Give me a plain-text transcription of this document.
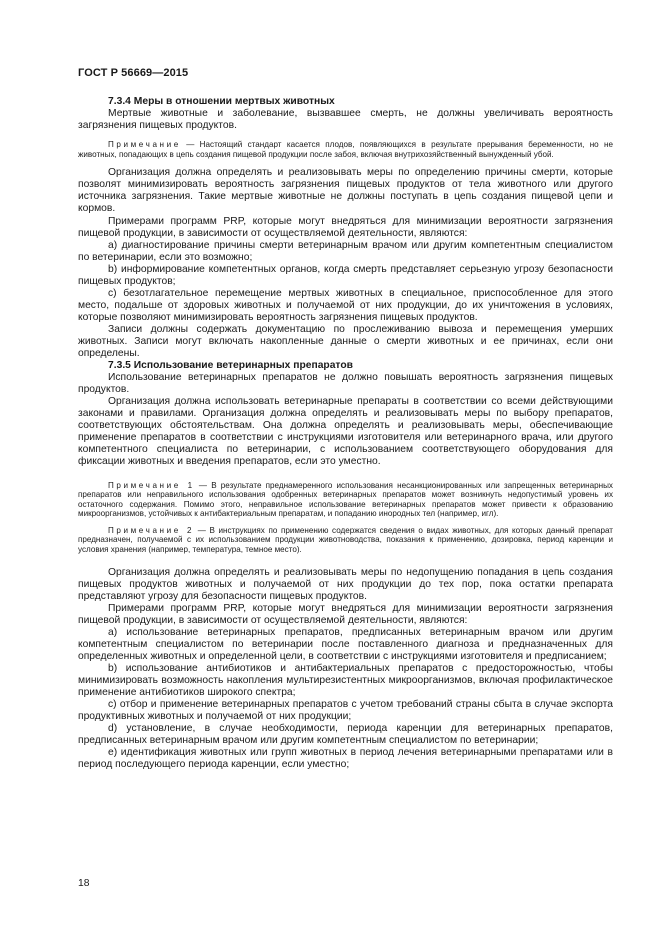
ГОСТ Р 56669—2015

7.3.4 Меры в отношении мертвых животных

Мертвые животные и заболевание, вызвавшее смерть, не должны увеличивать вероятность загрязнения пищевых продуктов.

Примечание — Настоящий стандарт касается плодов, появляющихся в результате прерывания беременности, но не животных, попадающих в цепь создания пищевой продукции после забоя, включая внутрихозяйственный вынужденный убой.

Организация должна определять и реализовывать меры по определению причины смерти, которые позволят минимизировать вероятность загрязнения пищевых продуктов от тела животного или другого источника загрязнения. Такие мертвые животные не должны поступать в цепь создания пищевой цепи и кормов.

Примерами программ PRP, которые могут внедряться для минимизации вероятности загрязнения пищевой продукции, в зависимости от осуществляемой деятельности, являются:

a) диагностирование причины смерти ветеринарным врачом или другим компетентным специалистом по ветеринарии, если это возможно;

b) информирование компетентных органов, когда смерть представляет серьезную угрозу безопасности пищевых продуктов;

c) безотлагательное перемещение мертвых животных в специальное, приспособленное для этого место, подальше от здоровых животных и получаемой от них продукции, до их уничтожения в условиях, которые позволяют минимизировать вероятность загрязнения пищевых продуктов.

Записи должны содержать документацию по прослеживанию вывоза и перемещения умерших животных. Записи могут включать накопленные данные о смерти животных и ее причинах, если они определены.

7.3.5 Использование ветеринарных препаратов

Использование ветеринарных препаратов не должно повышать вероятность загрязнения пищевых продуктов.

Организация должна использовать ветеринарные препараты в соответствии со всеми действующими законами и правилами. Организация должна определять и реализовывать меры по выбору препаратов, соответствующих обстоятельствам. Она должна определять и реализовывать меры, обеспечивающие применение препаратов в соответствии с инструкциями изготовителя или ветеринарного врача, или другого компетентного специалиста по ветеринарии, с использованием соответствующего оборудования для фиксации животных и введения препаратов, если это уместно.

Примечание 1 — В результате преднамеренного использования несанкционированных или запрещенных ветеринарных препаратов или неправильного использования одобренных ветеринарных препаратов может возникнуть недопустимый уровень их остаточного содержания. Помимо этого, неправильное использование ветеринарных препаратов может привести к образованию микроорганизмов, устойчивых к антибактериальным препаратам, и попаданию инородных тел (например, игл).

Примечание 2 — В инструкциях по применению содержатся сведения о видах животных, для которых данный препарат предназначен, получаемой с их использованием продукции животноводства, показания к применению, дозировка, период каренции и условия хранения (например, температура, темное место).

Организация должна определять и реализовывать меры по недопущению попадания в цепь создания пищевых продуктов животных и получаемой от них продукции до тех пор, пока остатки препарата представляют угрозу для безопасности пищевых продуктов.

Примерами программ PRP, которые могут внедряться для минимизации вероятности загрязнения пищевой продукции, в зависимости от осуществляемой деятельности, являются:

a) использование ветеринарных препаратов, предписанных ветеринарным врачом или другим компетентным специалистом по ветеринарии после поставленного диагноза и предназначенных для определенных животных и определенной цели, в соответствии с инструкциями изготовителя и предписанием;

b) использование антибиотиков и антибактериальных препаратов с предосторожностью, чтобы минимизировать возможность накопления мультирезистентных микроорганизмов, включая профилактическое применение антибиотиков широкого спектра;

c) отбор и применение ветеринарных препаратов с учетом требований страны сбыта в случае экспорта продуктивных животных и получаемой от них продукции;

d) установление, в случае необходимости, периода каренции для ветеринарных препаратов, предписанных ветеринарным врачом или другим компетентным специалистом по ветеринарии;

e) идентификация животных или групп животных в период лечения ветеринарными препаратами или в период последующего периода каренции, если уместно;

18
